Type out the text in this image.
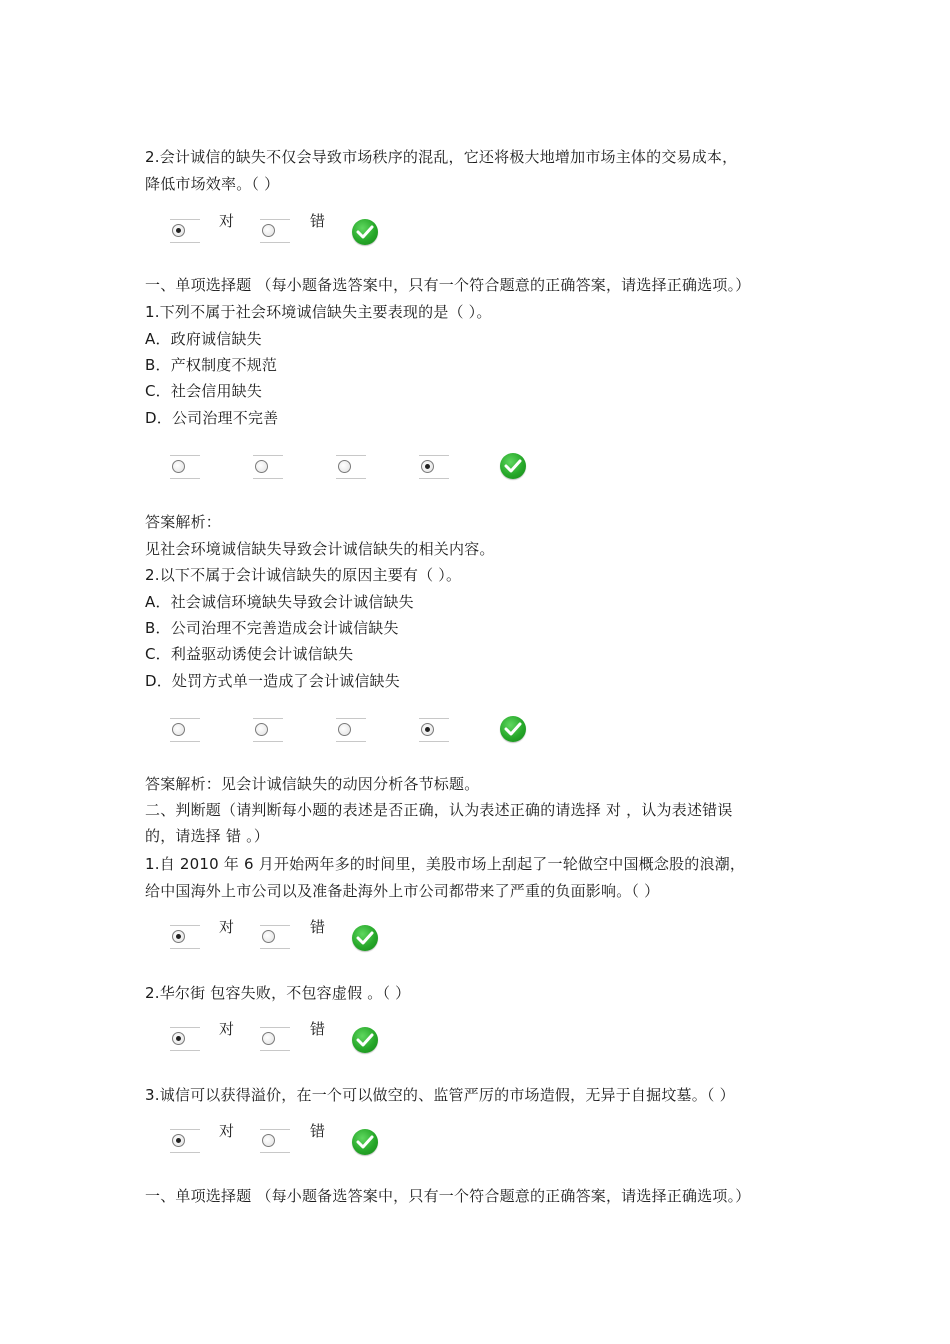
2.会计诚信的缺失不仅会导致市场秩序的混乱，它还将极大地增加市场主体的交易成本，
降低市场效率。（ ）
对	错
一、单项选择题 （每小题备选答案中，只有一个符合题意的正确答案，请选择正确选项。）
1.下列不属于社会环境诚信缺失主要表现的是（ ）。
A．政府诚信缺失
B．产权制度不规范
C．社会信用缺失
D．公司治理不完善
答案解析：
见社会环境诚信缺失导致会计诚信缺失的相关内容。
2.以下不属于会计诚信缺失的原因主要有（ ）。
A．社会诚信环境缺失导致会计诚信缺失
B．公司治理不完善造成会计诚信缺失
C．利益驱动诱使会计诚信缺失
D．处罚方式单一造成了会计诚信缺失
答案解析：见会计诚信缺失的动因分析各节标题。
二、判断题（请判断每小题的表述是否正确，认为表述正确的请选择 对 ，认为表述错误
的，请选择 错 。）
1.自 2010 年 6 月开始两年多的时间里，美股市场上刮起了一轮做空中国概念股的浪潮，
给中国海外上市公司以及准备赴海外上市公司都带来了严重的负面影响。（ ）
对	错
2.华尔街 包容失败，不包容虚假 。（ ）
对	错
3.诚信可以获得溢价，在一个可以做空的、监管严厉的市场造假，无异于自掘坟墓。（ ）
对	错
一、单项选择题 （每小题备选答案中，只有一个符合题意的正确答案，请选择正确选项。）
